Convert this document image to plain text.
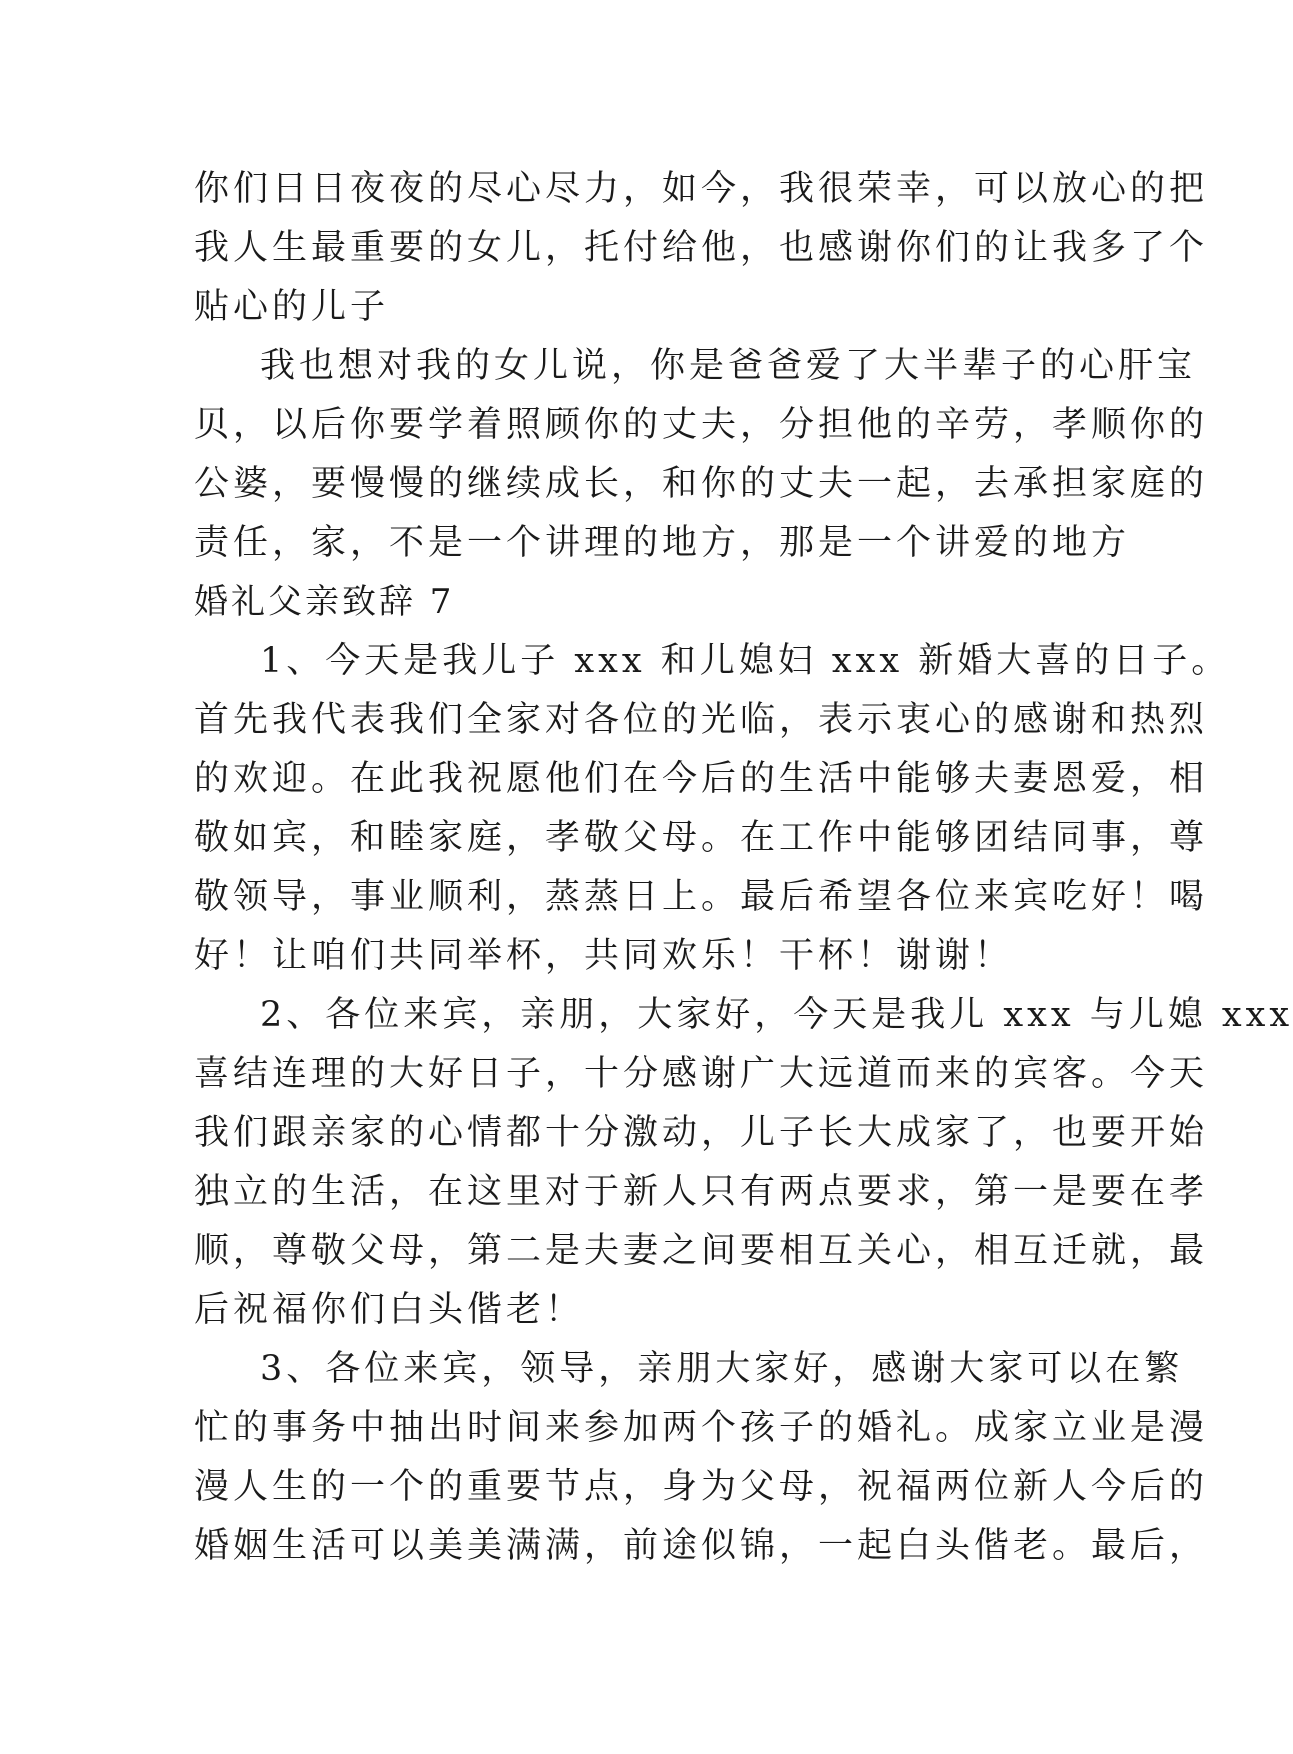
你们日日夜夜的尽心尽力，如今，我很荣幸，可以放心的把
我人生最重要的女儿，托付给他，也感谢你们的让我多了个
贴心的儿子
我也想对我的女儿说，你是爸爸爱了大半辈子的心肝宝
贝，以后你要学着照顾你的丈夫，分担他的辛劳，孝顺你的
公婆，要慢慢的继续成长，和你的丈夫一起，去承担家庭的
责任，家，不是一个讲理的地方，那是一个讲爱的地方
婚礼父亲致辞 7
1、今天是我儿子 xxx 和儿媳妇 xxx 新婚大喜的日子。
首先我代表我们全家对各位的光临，表示衷心的感谢和热烈
的欢迎。在此我祝愿他们在今后的生活中能够夫妻恩爱，相
敬如宾，和睦家庭，孝敬父母。在工作中能够团结同事，尊
敬领导，事业顺利，蒸蒸日上。最后希望各位来宾吃好！喝
好！让咱们共同举杯，共同欢乐！干杯！谢谢！
2、各位来宾，亲朋，大家好，今天是我儿 xxx 与儿媳 xxx
喜结连理的大好日子，十分感谢广大远道而来的宾客。今天
我们跟亲家的心情都十分激动，儿子长大成家了，也要开始
独立的生活，在这里对于新人只有两点要求，第一是要在孝
顺，尊敬父母，第二是夫妻之间要相互关心，相互迁就，最
后祝福你们白头偕老！
3、各位来宾，领导，亲朋大家好，感谢大家可以在繁
忙的事务中抽出时间来参加两个孩子的婚礼。成家立业是漫
漫人生的一个的重要节点，身为父母，祝福两位新人今后的
婚姻生活可以美美满满，前途似锦，一起白头偕老。最后，
